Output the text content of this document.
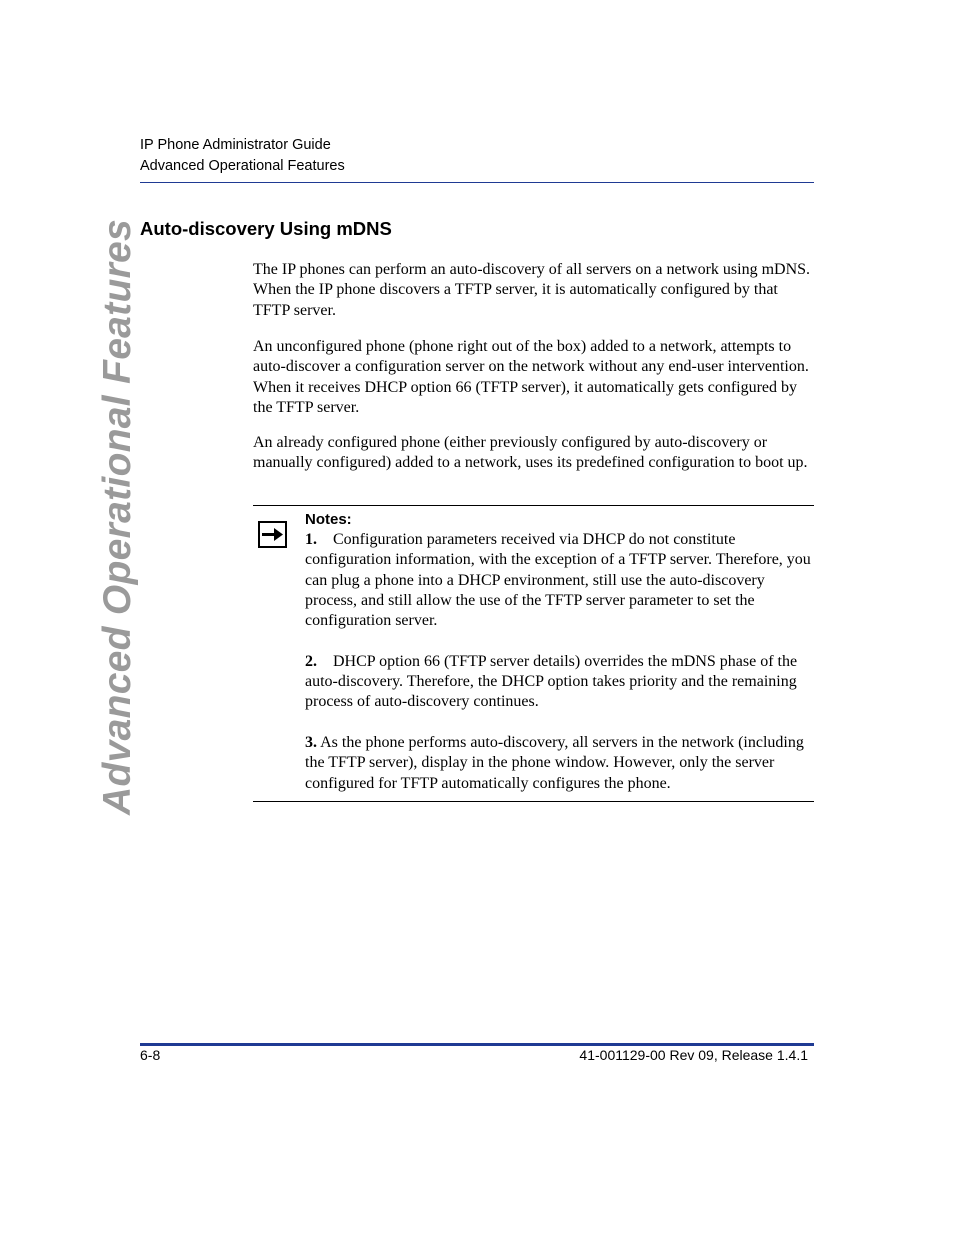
IP Phone Administrator Guide
Advanced Operational Features
Advanced Operational Features Auto-discovery Using mDNS

The IP phones can perform an auto-discovery of all servers on a network using mDNS. When the IP phone discovers a TFTP server, it is automatically configured by that TFTP server.

An unconfigured phone (phone right out of the box) added to a network, attempts to auto-discover a configuration server on the network without any end-user intervention. When it receives DHCP option 66 (TFTP server), it automatically gets configured by the TFTP server.

An already configured phone (either previously configured by auto-discovery or manually configured) added to a network, uses its predefined configuration to boot up.

Notes:

1. Configuration parameters received via DHCP do not constitute configuration information, with the exception of a TFTP server. Therefore, you can plug a phone into a DHCP environment, still use the auto-discovery process, and still allow the use of the TFTP server parameter to set the configuration server.

2. DHCP option 66 (TFTP server details) overrides the mDNS phase of the auto-discovery. Therefore, the DHCP option takes priority and the remaining process of auto-discovery continues.

3. As the phone performs auto-discovery, all servers in the network (including the TFTP server), display in the phone window. However, only the server configured for TFTP automatically configures the phone.

6-8	41-001129-00 Rev 09, Release 1.4.1
